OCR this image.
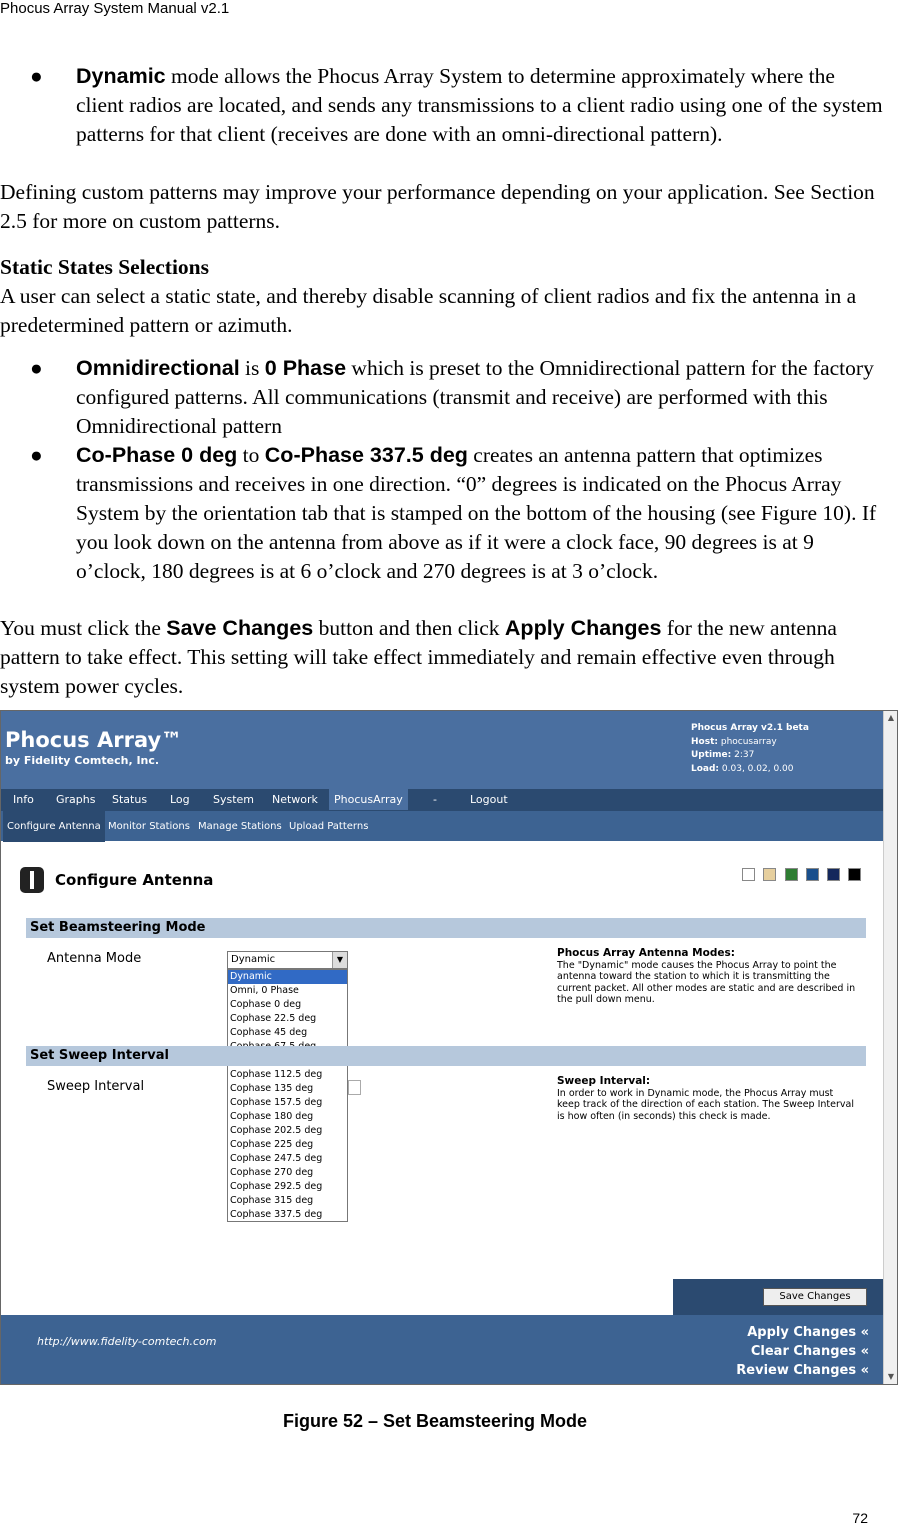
Phocus Array System Manual v2.1
● Dynamic mode allows the Phocus Array System to determine approximately where the client radios are located, and sends any transmissions to a client radio using one of the system patterns for that client (receives are done with an omni-directional pattern).
Defining custom patterns may improve your performance depending on your application. See Section 2.5 for more on custom patterns.
Static States Selections
A user can select a static state, and thereby disable scanning of client radios and fix the antenna in a predetermined pattern or azimuth.
● Omnidirectional is 0 Phase which is preset to the Omnidirectional pattern for the factory configured patterns. All communications (transmit and receive) are performed with this Omnidirectional pattern
● Co-Phase 0 deg to Co-Phase 337.5 deg creates an antenna pattern that optimizes transmissions and receives in one direction. “0” degrees is indicated on the Phocus Array System by the orientation tab that is stamped on the bottom of the housing (see Figure 10). If you look down on the antenna from above as if it were a clock face, 90 degrees is at 9 o’clock, 180 degrees is at 6 o’clock and 270 degrees is at 3 o’clock.
You must click the Save Changes button and then click Apply Changes for the new antenna pattern to take effect. This setting will take effect immediately and remain effective even through system power cycles.
Phocus Array™
by Fidelity Comtech, Inc.
Phocus Array v2.1 beta
Host: phocusarray
Uptime: 2:37
Load: 0.03, 0.02, 0.00
Info Graphs Status Log System Network	PhocusArray	-	Logout
Configure Antenna Monitor Stations Manage Stations Upload Patterns
Configure Antenna
Set Beamsteering Mode
Antenna Mode	Dynamic	▼
Dynamic
Omni, 0 Phase
Cophase 0 deg
Cophase 22.5 deg
Cophase 45 deg
Cophase 112.5 deg
Cophase 135 deg
Cophase 157.5 deg
Cophase 180 deg
Cophase 202.5 deg
Cophase 225 deg
Cophase 247.5 deg
Cophase 270 deg
Cophase 292.5 deg
Cophase 315 deg
Cophase 337.5 deg
Phocus Array Antenna Modes:
The "Dynamic" mode causes the Phocus Array to point the antenna toward the station to which it is transmitting the current packet. All other modes are static and are described in the pull down menu.
Set Sweep Interval
Sweep Interval	Sweep Interval:
In order to work in Dynamic mode, the Phocus Array must keep track of the direction of each station. The Sweep Interval is how often (in seconds) this check is made.
Save Changes
http://www.fidelity-comtech.com
Apply Changes «
Clear Changes «
Review Changes «
▲
▼
Figure 52 – Set Beamsteering Mode
72
